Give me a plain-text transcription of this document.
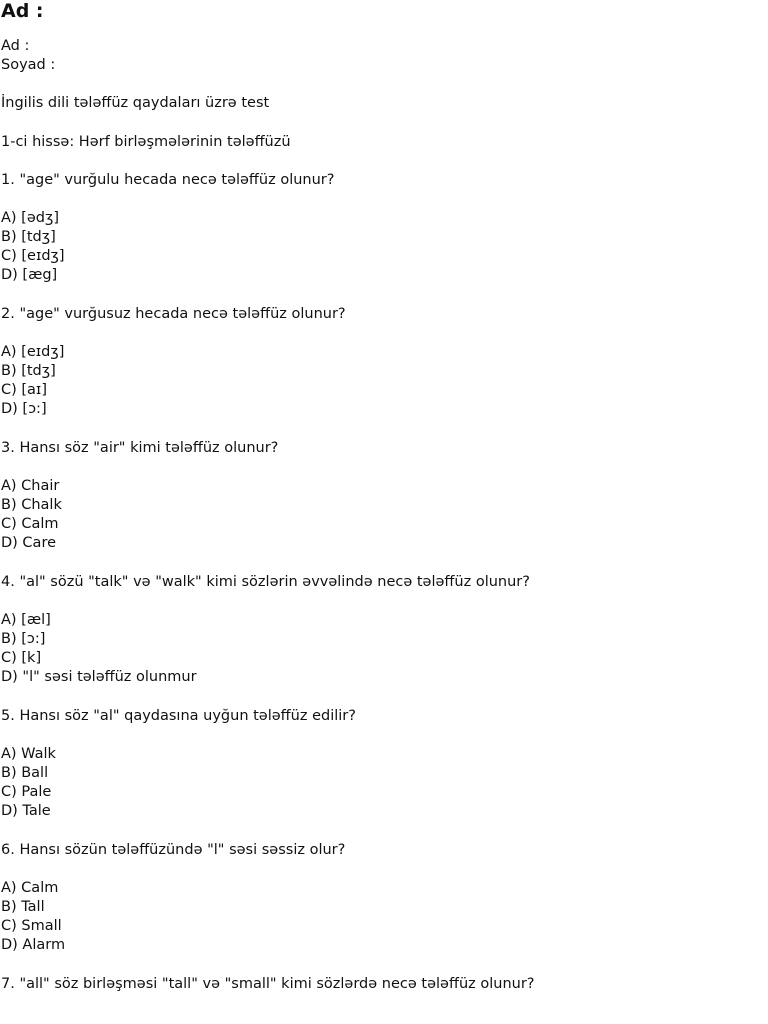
Ad :
Ad :
Soyad :
İngilis dili tələffüz qaydaları üzrə test
1-ci hissə: Hərf birləşmələrinin tələffüzü
1. "age" vurğulu hecada necə tələffüz olunur?
A) [ədʒ]
B) [tdʒ]
C) [eɪdʒ]
D) [æg]
2. "age" vurğusuz hecada necə tələffüz olunur?
A) [eɪdʒ]
B) [tdʒ]
C) [aɪ]
D) [ɔ:]
3. Hansı söz "air" kimi tələffüz olunur?
A) Chair
B) Chalk
C) Calm
D) Care
4. "al" sözü "talk" və "walk" kimi sözlərin əvvəlində necə tələffüz olunur?
A) [æl]
B) [ɔ:]
C) [k]
D) "l" səsi tələffüz olunmur
5. Hansı söz "al" qaydasına uyğun tələffüz edilir?
A) Walk
B) Ball
C) Pale
D) Tale
6. Hansı sözün tələffüzündə "l" səsi səssiz olur?
A) Calm
B) Tall
C) Small
D) Alarm
7. "all" söz birləşməsi "tall" və "small" kimi sözlərdə necə tələffüz olunur?
